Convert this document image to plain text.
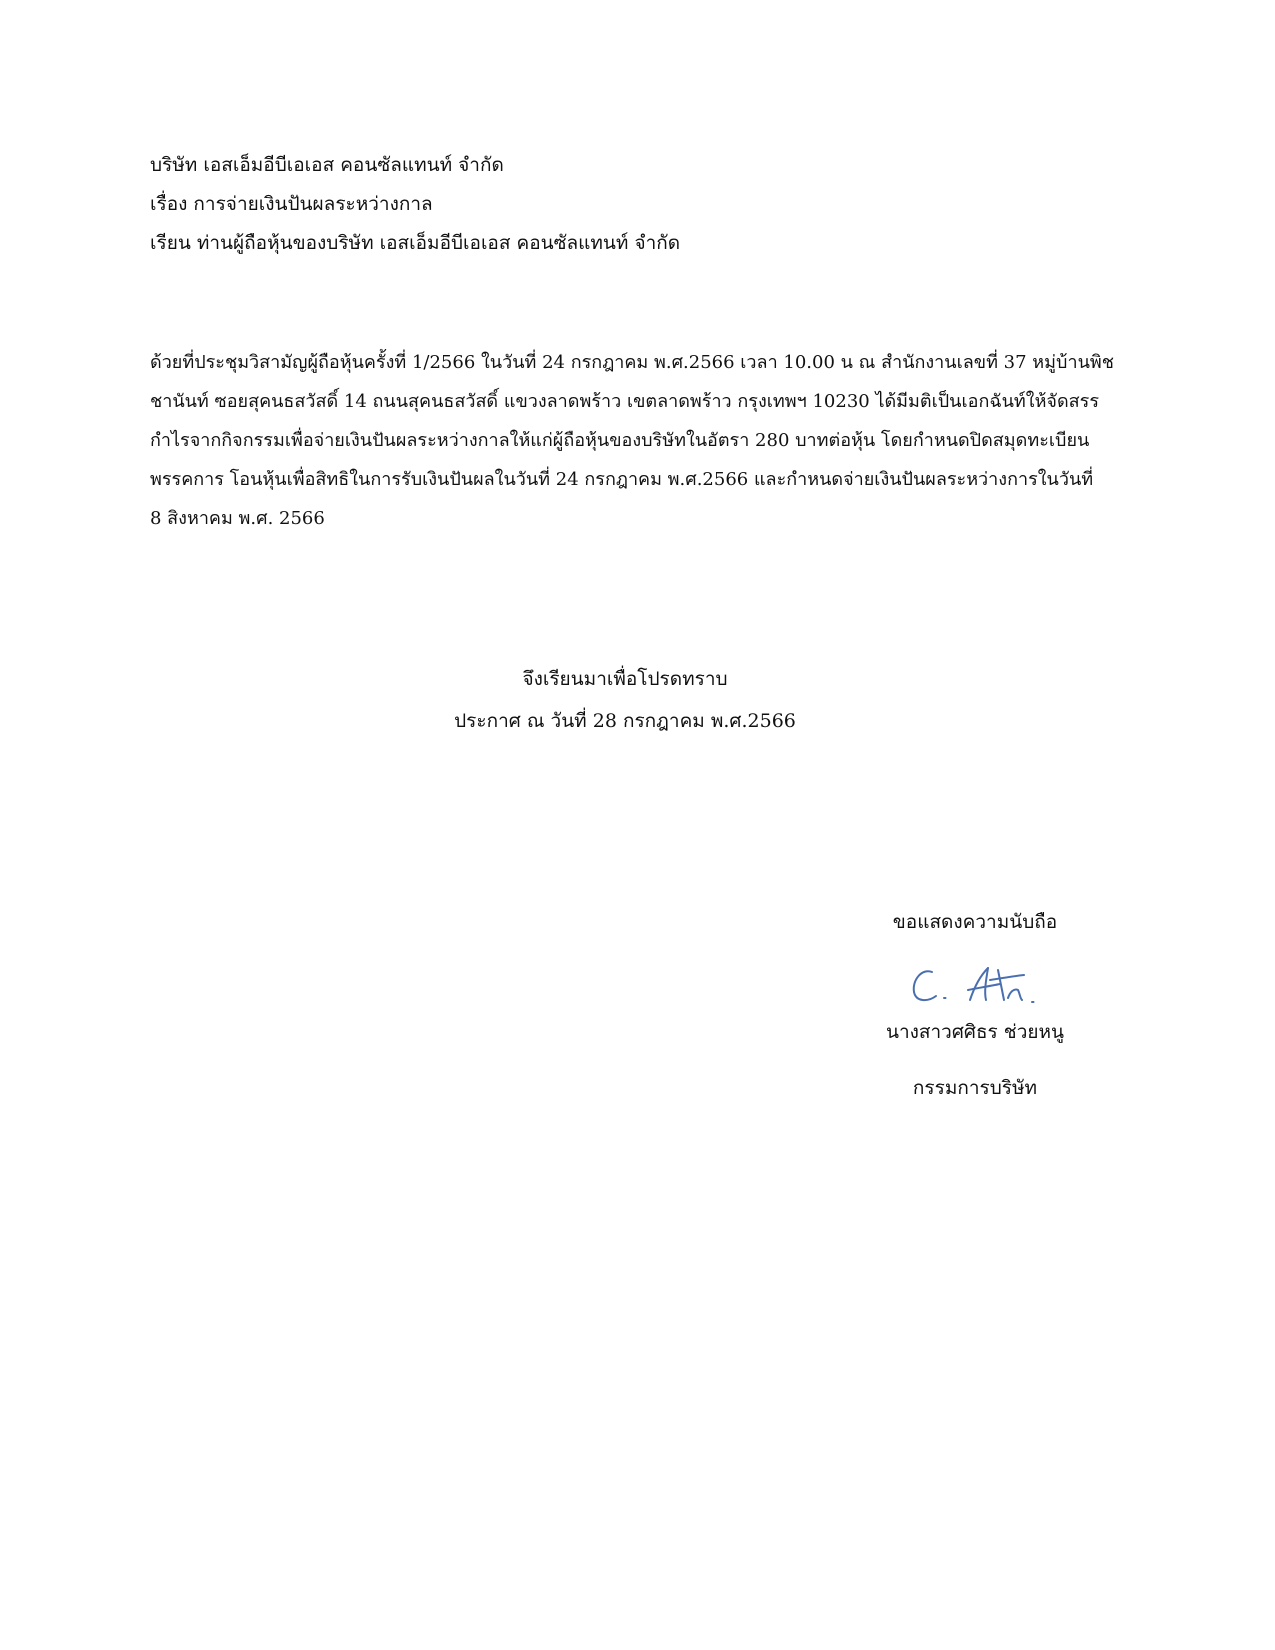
บริษัท เอสเอ็มอีบีเอเอส คอนซัลแทนท์ จำกัด
เรื่อง การจ่ายเงินปันผลระหว่างกาล
เรียน ท่านผู้ถือหุ้นของบริษัท เอสเอ็มอีบีเอเอส คอนซัลแทนท์ จำกัด
ด้วยที่ประชุมวิสามัญผู้ถือหุ้นครั้งที่ 1/2566 ในวันที่ 24 กรกฎาคม พ.ศ.2566 เวลา 10.00 น ณ สำนักงานเลขที่ 37 หมู่บ้านพิช
ชานันท์ ซอยสุคนธสวัสดิ์ 14 ถนนสุคนธสวัสดิ์ แขวงลาดพร้าว เขตลาดพร้าว กรุงเทพฯ 10230 ได้มีมติเป็นเอกฉันท์ให้จัดสรร
กำไรจากกิจกรรมเพื่อจ่ายเงินปันผลระหว่างกาลให้แก่ผู้ถือหุ้นของบริษัทในอัตรา 280 บาทต่อหุ้น โดยกำหนดปิดสมุดทะเบียน
พรรคการ โอนหุ้นเพื่อสิทธิในการรับเงินปันผลในวันที่ 24 กรกฎาคม พ.ศ.2566 และกำหนดจ่ายเงินปันผลระหว่างการในวันที่
8 สิงหาคม พ.ศ. 2566
จึงเรียนมาเพื่อโปรดทราบ
ประกาศ ณ วันที่ 28 กรกฎาคม พ.ศ.2566
ขอแสดงความนับถือ
นางสาวศศิธร ช่วยหนู
กรรมการบริษัท
